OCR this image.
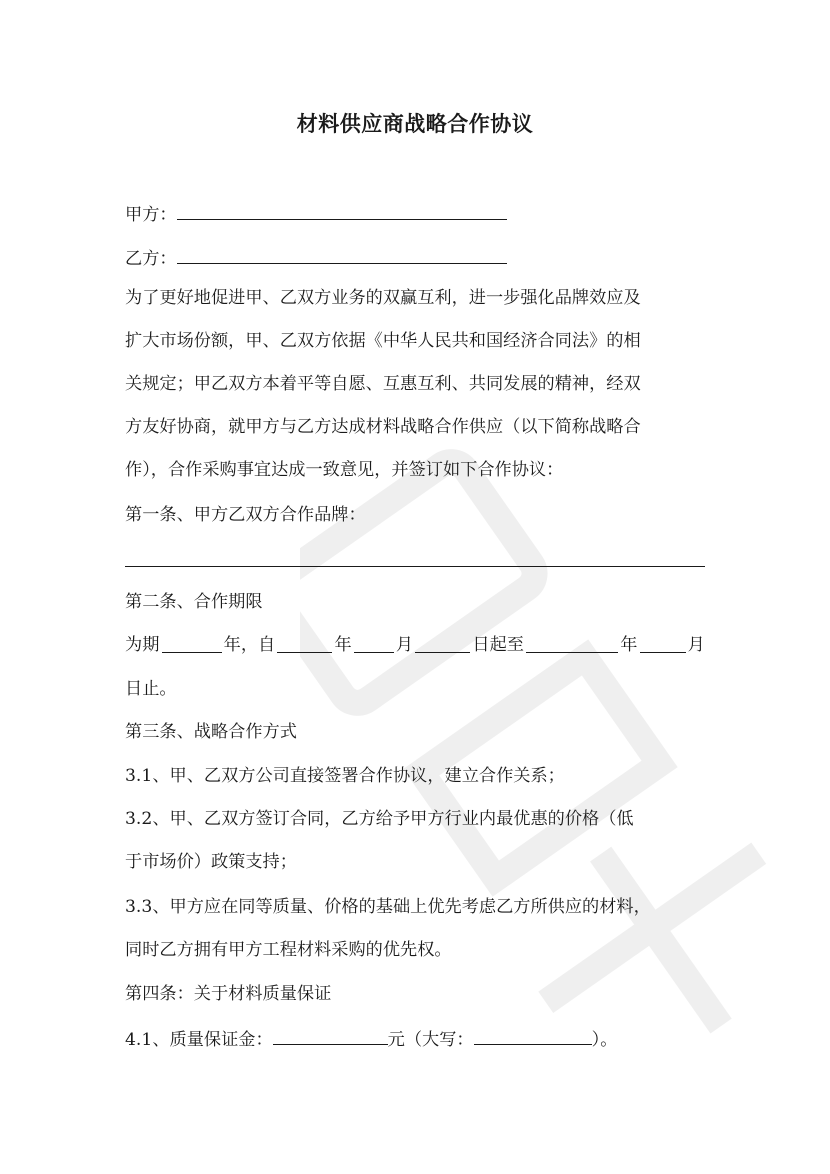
材料供应商战略合作协议
甲方：
乙方：
为了更好地促进甲、乙双方业务的双赢互利，进一步强化品牌效应及
扩大市场份额，甲、乙双方依据《中华人民共和国经济合同法》的相
关规定；甲乙双方本着平等自愿、互惠互利、共同发展的精神，经双
方友好协商，就甲方与乙方达成材料战略合作供应（以下简称战略合
作），合作采购事宜达成一致意见，并签订如下合作协议：
第一条、甲方乙双方合作品牌：
第二条、合作期限
为期	年，自	年	月	日起至	年	月
日止。
第三条、战略合作方式
3.1、甲、乙双方公司直接签署合作协议，建立合作关系；
3.2、甲、乙双方签订合同，乙方给予甲方行业内最优惠的价格（低
于市场价）政策支持；
3.3、甲方应在同等质量、价格的基础上优先考虑乙方所供应的材料，
同时乙方拥有甲方工程材料采购的优先权。
第四条：关于材料质量保证
4.1、质量保证金：	元（大写：	）。
